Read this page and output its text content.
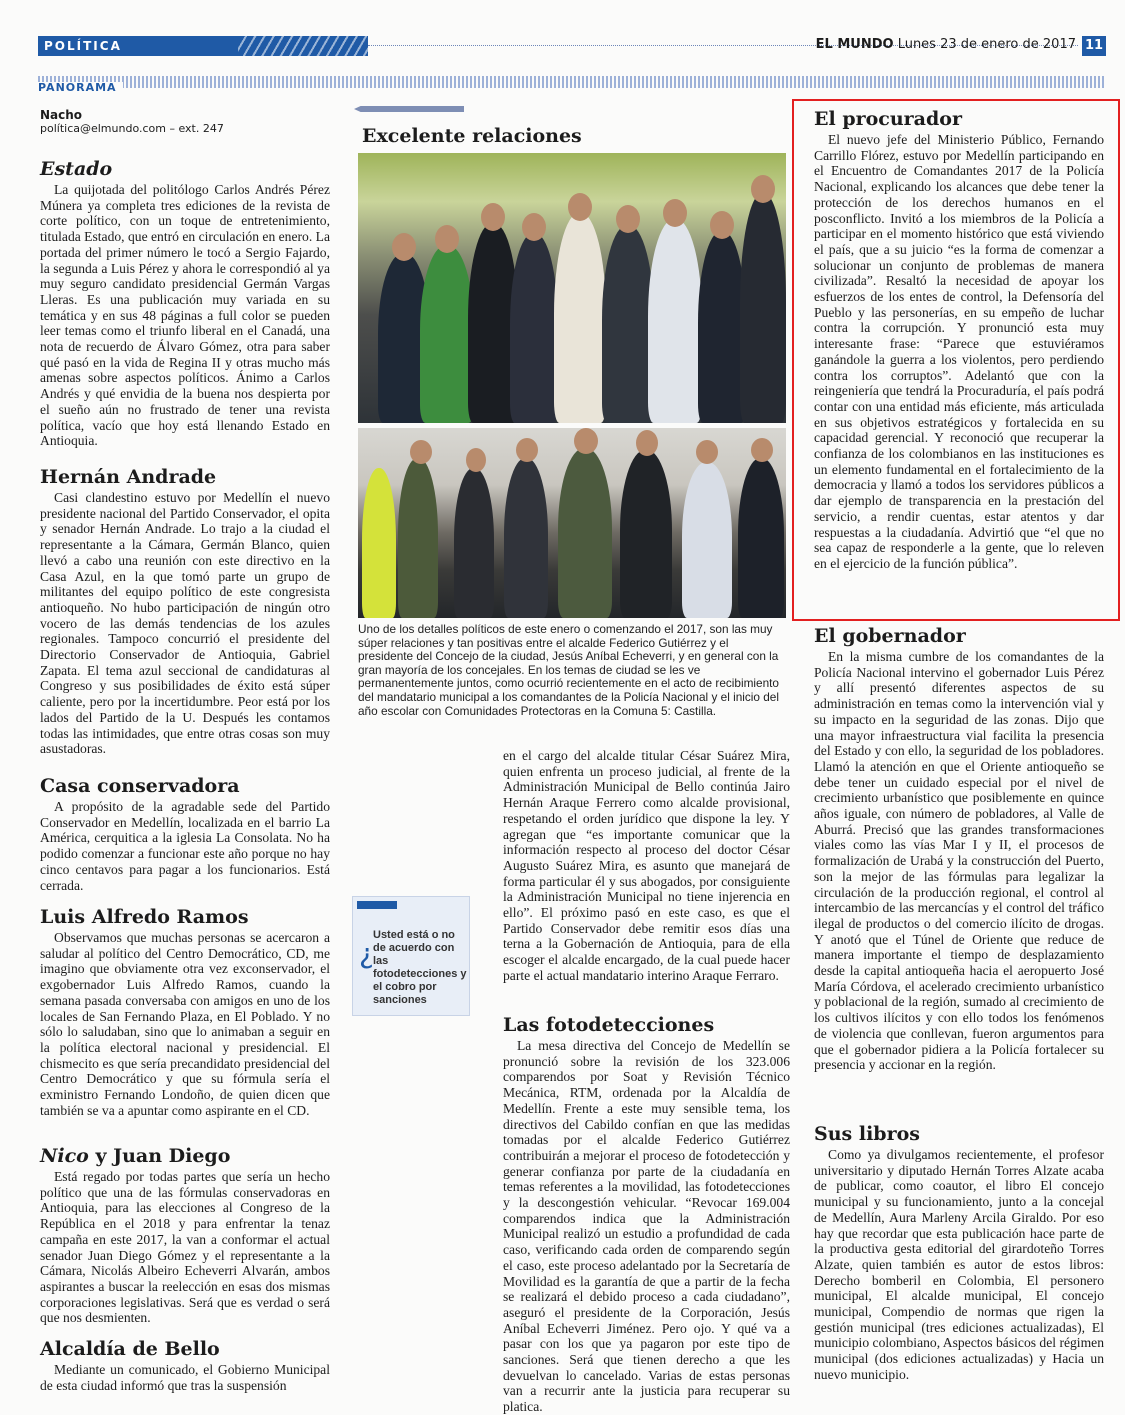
POLÍTICA	EL MUNDO Lunes 23 de enero de 2017 11
PANORAMA
Nacho
política@elmundo.com – ext. 247
Estado

La quijotada del politólogo Carlos Andrés Pérez Múnera ya completa tres ediciones de la revista de corte político, con un toque de entretenimiento, titulada Estado, que entró en circulación en enero. La portada del primer número le tocó a Sergio Fajardo, la segunda a Luis Pérez y ahora le correspondió al ya muy seguro candidato presidencial Germán Vargas Lleras. Es una publicación muy variada en su temática y en sus 48 páginas a full color se pueden leer temas como el triunfo liberal en el Canadá, una nota de recuerdo de Álvaro Gómez, otra para saber qué pasó en la vida de Regina II y otras mucho más amenas sobre aspectos políticos. Ánimo a Carlos Andrés y qué envidia de la buena nos despierta por el sueño aún no frustrado de tener una revista política, vacío que hoy está llenando Estado en Antioquia.

Hernán Andrade

Casi clandestino estuvo por Medellín el nuevo presidente nacional del Partido Conservador, el opita y senador Hernán Andrade. Lo trajo a la ciudad el representante a la Cámara, Germán Blanco, quien llevó a cabo una reunión con este directivo en la Casa Azul, en la que tomó parte un grupo de militantes del equipo político de este congresista antioqueño. No hubo participación de ningún otro vocero de las demás tendencias de los azules regionales. Tampoco concurrió el presidente del Directorio Conservador de Antioquia, Gabriel Zapata. El tema azul seccional de candidaturas al Congreso y sus posibilidades de éxito está súper caliente, pero por la incertidumbre. Peor está por los lados del Partido de la U. Después les contamos todas las intimidades, que entre otras cosas son muy asustadoras.

Casa conservadora

A propósito de la agradable sede del Partido Conservador en Medellín, localizada en el barrio La América, cerquitica a la iglesia La Consolata. No ha podido comenzar a funcionar este año porque no hay cinco centavos para pagar a los funcionarios. Está cerrada.

Luis Alfredo Ramos

Observamos que muchas personas se acercaron a saludar al político del Centro Democrático, CD, me imagino que obviamente otra vez exconservador, el exgobernador Luis Alfredo Ramos, cuando la semana pasada conversaba con amigos en uno de los locales de San Fernando Plaza, en El Poblado. Y no sólo lo saludaban, sino que lo animaban a seguir en la política electoral nacional y presidencial. El chismecito es que sería precandidato presidencial del Centro Democrático y que su fórmula sería el exministro Fernando Londoño, de quien dicen que también se va a apuntar como aspirante en el CD.

Nico y Juan Diego

Está regado por todas partes que sería un hecho político que una de las fórmulas conservadoras en Antioquia, para las elecciones al Congreso de la República en el 2018 y para enfrentar la tenaz campaña en este 2017, la van a conformar el actual senador Juan Diego Gómez y el representante a la Cámara, Nicolás Albeiro Echeverri Alvarán, ambos aspirantes a buscar la reelección en esas dos mismas corporaciones legislativas. Será que es verdad o será que nos desmienten.

Alcaldía de Bello

Mediante un comunicado, el Gobierno Municipal de esta ciudad informó que tras la suspensión

Excelente relaciones
Uno de los detalles políticos de este enero o comenzando el 2017, son las muy súper relaciones y tan positivas entre el alcalde Federico Gutiérrez y el presidente del Concejo de la ciudad, Jesús Aníbal Echeverri, y en general con la gran mayoría de los concejales. En los temas de ciudad se les ve permanentemente juntos, como ocurrió recientemente en el acto de recibimiento del mandatario municipal a los comandantes de la Policía Nacional y el inicio del año escolar con Comunidades Protectoras en la Comuna 5: Castilla.
en el cargo del alcalde titular César Suárez Mira, quien enfrenta un proceso judicial, al frente de la Administración Municipal de Bello continúa Jairo Hernán Araque Ferrero como alcalde provisional, respetando el orden jurídico que dispone la ley. Y agregan que “es importante comunicar que la información respecto al proceso del doctor César Augusto Suárez Mira, es asunto que manejará de forma particular él y sus abogados, por consiguiente la Administración Municipal no tiene injerencia en ello”. El próximo pasó en este caso, es que el Partido Conservador debe remitir esos días una terna a la Gobernación de Antioquia, para de ella escoger el alcalde encargado, de la cual puede hacer parte el actual mandatario interino Araque Ferraro.
¿
Usted está o no de acuerdo con las fotodetecciones y el cobro por sanciones
Las fotodetecciones

La mesa directiva del Concejo de Medellín se pronunció sobre la revisión de los 323.006 comparendos por Soat y Revisión Técnico Mecánica, RTM, ordenada por la Alcaldía de Medellín. Frente a este muy sensible tema, los directivos del Cabildo confían en que las medidas tomadas por el alcalde Federico Gutiérrez contribuirán a mejorar el proceso de fotodetección y generar confianza por parte de la ciudadanía en temas referentes a la movilidad, las fotodetecciones y la descongestión vehicular. “Revocar 169.004 comparendos indica que la Administración Municipal realizó un estudio a profundidad de cada caso, verificando cada orden de comparendo según el caso, este proceso adelantado por la Secretaría de Movilidad es la garantía de que a partir de la fecha se realizará el debido proceso a cada ciudadano”, aseguró el presidente de la Corporación, Jesús Aníbal Echeverri Jiménez. Pero ojo. Y qué va a pasar con los que ya pagaron por este tipo de sanciones. Será que tienen derecho a que les devuelvan lo cancelado. Varias de estas personas van a recurrir ante la justicia para recuperar su platica.

El procurador

El nuevo jefe del Ministerio Público, Fernando Carrillo Flórez, estuvo por Medellín participando en el Encuentro de Comandantes 2017 de la Policía Nacional, explicando los alcances que debe tener la protección de los derechos humanos en el posconflicto. Invitó a los miembros de la Policía a participar en el momento histórico que está viviendo el país, que a su juicio “es la forma de comenzar a solucionar un conjunto de problemas de manera civilizada”. Resaltó la necesidad de apoyar los esfuerzos de los entes de control, la Defensoría del Pueblo y las personerías, en su empeño de luchar contra la corrupción. Y pronunció esta muy interesante frase: “Parece que estuviéramos ganándole la guerra a los violentos, pero perdiendo contra los corruptos”. Adelantó que con la reingeniería que tendrá la Procuraduría, el país podrá contar con una entidad más eficiente, más articulada en sus objetivos estratégicos y fortalecida en su capacidad gerencial. Y reconoció que recuperar la confianza de los colombianos en las instituciones es un elemento fundamental en el fortalecimiento de la democracia y llamó a todos los servidores públicos a dar ejemplo de transparencia en la prestación del servicio, a rendir cuentas, estar atentos y dar respuestas a la ciudadanía. Advirtió que “el que no sea capaz de responderle a la gente, que lo releven en el ejercicio de la función pública”.

El gobernador

En la misma cumbre de los comandantes de la Policía Nacional intervino el gobernador Luis Pérez y allí presentó diferentes aspectos de su administración en temas como la intervención vial y su impacto en la seguridad de las zonas. Dijo que una mayor infraestructura vial facilita la presencia del Estado y con ello, la seguridad de los pobladores. Llamó la atención en que el Oriente antioqueño se debe tener un cuidado especial por el nivel de crecimiento urbanístico que posiblemente en quince años iguale, con número de pobladores, al Valle de Aburrá. Precisó que las grandes transformaciones viales como las vías Mar I y II, el procesos de formalización de Urabá y la construcción del Puerto, son la mejor de las fórmulas para legalizar la circulación de la producción regional, el control al intercambio de las mercancías y el control del tráfico ilegal de productos o del comercio ilícito de drogas. Y anotó que el Túnel de Oriente que reduce de manera importante el tiempo de desplazamiento desde la capital antioqueña hacia el aeropuerto José María Córdova, el acelerado crecimiento urbanístico y poblacional de la región, sumado al crecimiento de los cultivos ilícitos y con ello todos los fenómenos de violencia que conllevan, fueron argumentos para que el gobernador pidiera a la Policía fortalecer su presencia y accionar en la región.

Sus libros

Como ya divulgamos recientemente, el profesor universitario y diputado Hernán Torres Alzate acaba de publicar, como coautor, el libro El concejo municipal y su funcionamiento, junto a la concejal de Medellín, Aura Marleny Arcila Giraldo. Por eso hay que recordar que esta publicación hace parte de la productiva gesta editorial del girardoteño Torres Alzate, quien también es autor de estos libros: Derecho bomberil en Colombia, El personero municipal, El alcalde municipal, El concejo municipal, Compendio de normas que rigen la gestión municipal (tres ediciones actualizadas), El municipio colombiano, Aspectos básicos del régimen municipal (dos ediciones actualizadas) y Hacia un nuevo municipio.
